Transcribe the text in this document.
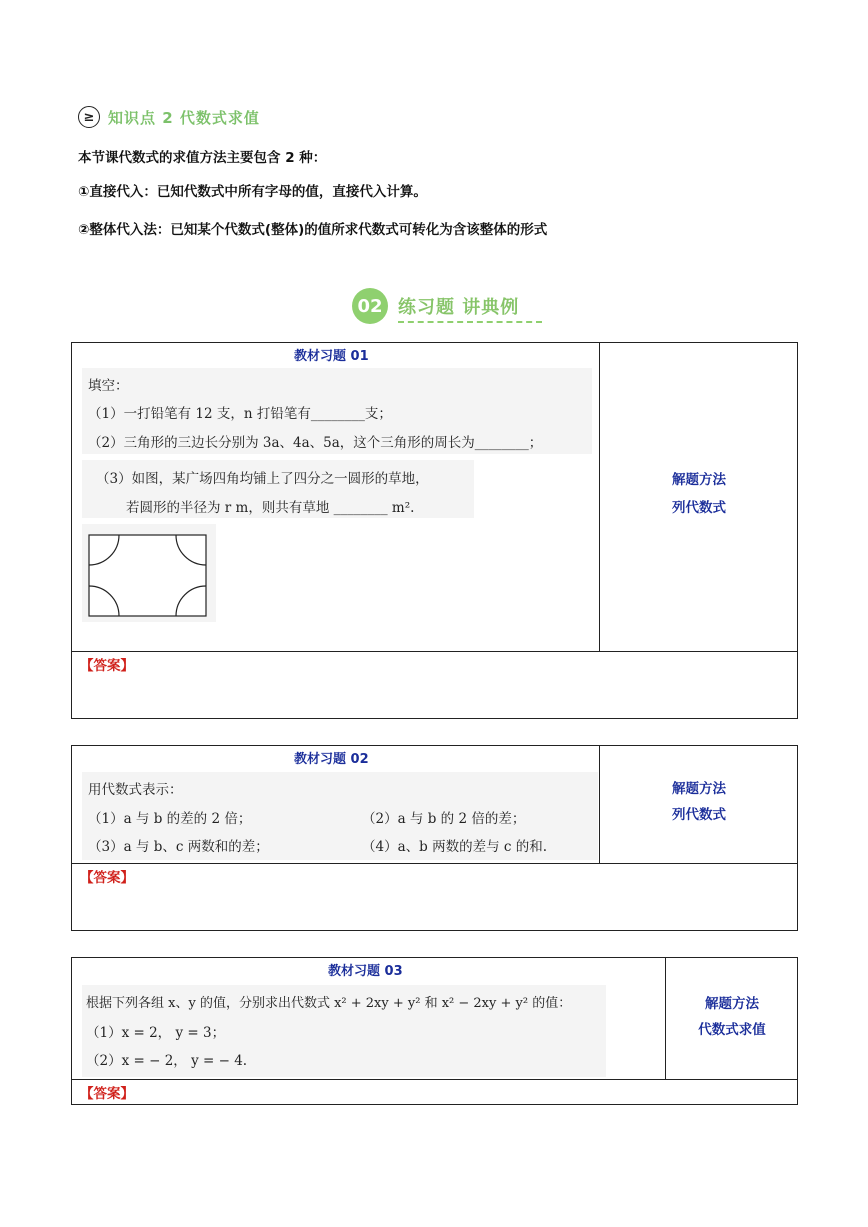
≥ 知识点 2 代数式求值
本节课代数式的求值方法主要包含 2 种：
①直接代入：已知代数式中所有字母的值，直接代入计算。
②整体代入法：已知某个代数式(整体)的值所求代数式可转化为含该整体的形式
02 练习题 讲典例
教材习题 01
填空：
（1）一打铅笔有 12 支，n 打铅笔有________支；
（2）三角形的三边长分别为 3a、4a、5a，这个三角形的周长为________；
（3）如图，某广场四角均铺上了四分之一圆形的草地，
若圆形的半径为 r m，则共有草地 ________ m².
解题方法
列代数式
【答案】
教材习题 02
用代数式表示：
（1）a 与 b 的差的 2 倍；	（2）a 与 b 的 2 倍的差；
（3）a 与 b、c 两数和的差；	（4）a、b 两数的差与 c 的和.
解题方法
列代数式
【答案】
教材习题 03
根据下列各组 x、y 的值，分别求出代数式 x² + 2xy + y² 和 x² − 2xy + y² 的值：
（1）x = 2， y = 3；
（2）x = − 2， y = − 4.
解题方法
代数式求值
【答案】
